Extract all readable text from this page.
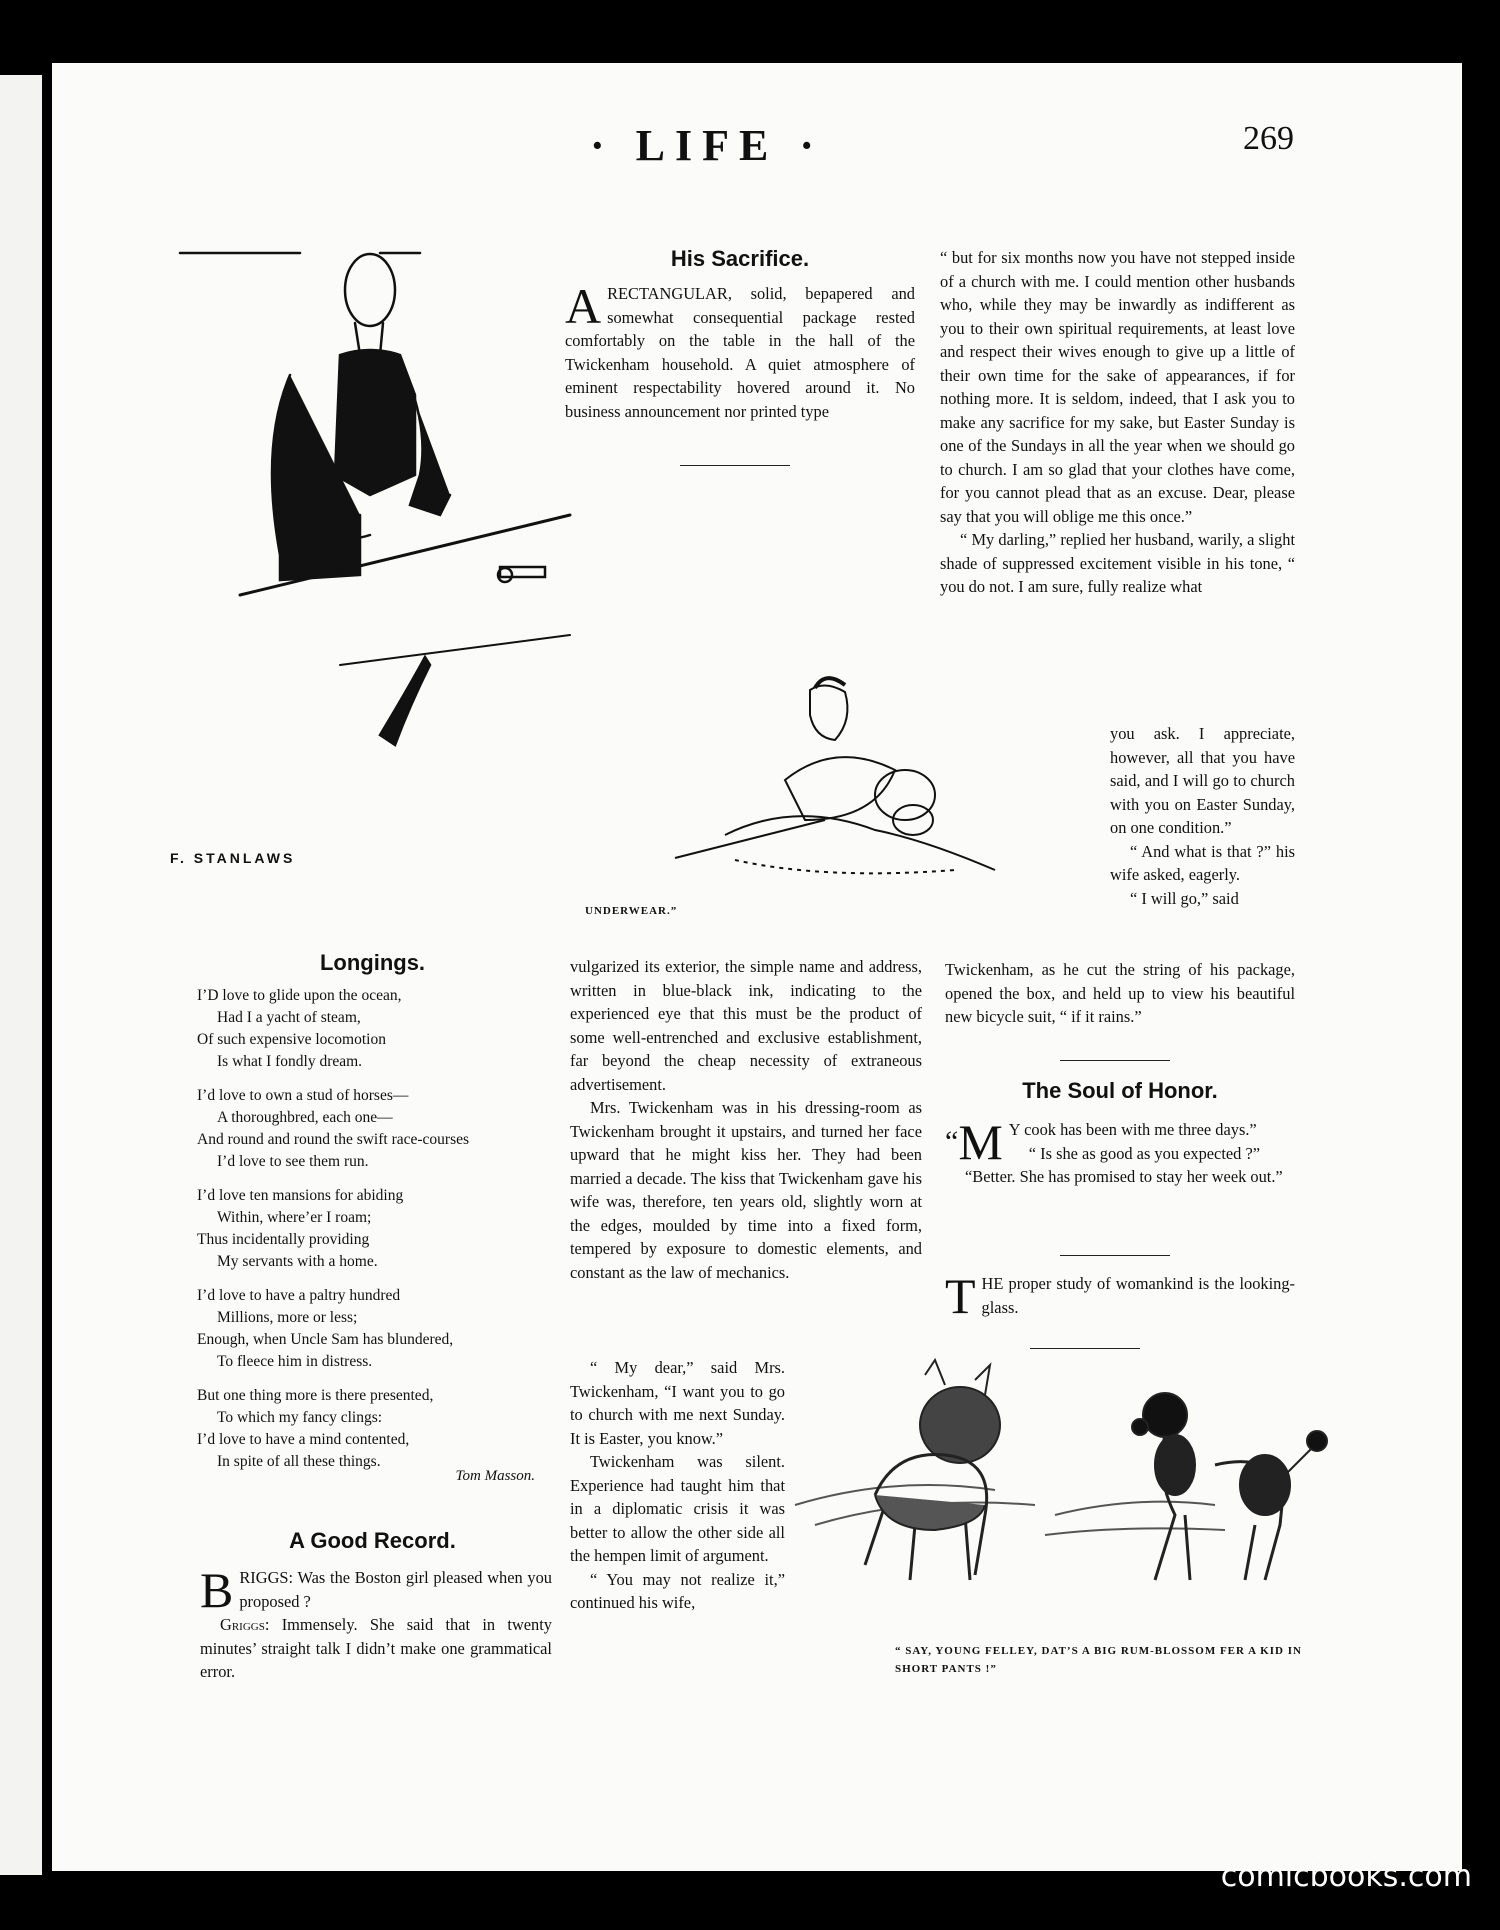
· LIFE ·	269
F. STANLAWS
UNDERWEAR.”
His Sacrifice.

ARECTANGULAR, solid, bepapered and somewhat consequential package rested comfortably on the table in the hall of the Twickenham household. A quiet atmosphere of eminent respectability hovered around it. No business announcement nor printed type

vulgarized its exterior, the simple name and address, written in blue-black ink, indicating to the experienced eye that this must be the product of some well-entrenched and exclusive establishment, far beyond the cheap necessity of extraneous advertisement.

Mrs. Twickenham was in his dressing-room as Twickenham brought it upstairs, and turned her face upward that he might kiss her. They had been married a decade. The kiss that Twickenham gave his wife was, therefore, ten years old, slightly worn at the edges, moulded by time into a fixed form, tempered by exposure to domestic elements, and constant as the law of mechanics.

“ My dear,” said Mrs. Twickenham, “I want you to go to church with me next Sunday. It is Easter, you know.”

Twickenham was silent. Experience had taught him that in a diplomatic crisis it was better to allow the other side all the hempen limit of argument.

“ You may not realize it,” continued his wife,

“ but for six months now you have not stepped inside of a church with me. I could mention other husbands who, while they may be inwardly as indifferent as you to their own spiritual requirements, at least love and respect their wives enough to give up a little of their own time for the sake of appearances, if for nothing more. It is seldom, indeed, that I ask you to make any sacrifice for my sake, but Easter Sunday is one of the Sundays in all the year when we should go to church. I am so glad that your clothes have come, for you cannot plead that as an excuse. Dear, please say that you will oblige me this once.”

“ My darling,” replied her husband, warily, a slight shade of suppressed excitement visible in his tone, “ you do not. I am sure, fully realize what

you ask. I appreciate, however, all that you have said, and I will go to church with you on Easter Sunday, on one condition.”

“ And what is that ?” his wife asked, eagerly.

“ I will go,” said

Twickenham, as he cut the string of his package, opened the box, and held up to view his beautiful new bicycle suit, “ if it rains.”

Longings.
I’D love to glide upon the ocean,
Had I a yacht of steam,
Of such expensive locomotion
Is what I fondly dream.
I’d love to own a stud of horses—
A thoroughbred, each one—
And round and round the swift race-courses
I’d love to see them run.
I’d love ten mansions for abiding
Within, where’er I roam;
Thus incidentally providing
My servants with a home.
I’d love to have a paltry hundred
Millions, more or less;
Enough, when Uncle Sam has blundered,
To fleece him in distress.
But one thing more is there presented,
To which my fancy clings:
I’d love to have a mind contented,
In spite of all these things.
Tom Masson.
A Good Record.

BRIGGS: Was the Boston girl pleased when you proposed ?

Griggs: Immensely. She said that in twenty minutes’ straight talk I didn’t make one grammatical error.

The Soul of Honor.

“M Y cook has been with me three days.”

“ Is she as good as you expected ?”

“Better. She has promised to stay her week out.”

THE proper study of womankind is the looking-glass.

“ SAY, YOUNG FELLEY, DAT’S A BIG RUM-BLOSSOM FER A KID IN SHORT PANTS !”
comicbooks.com
